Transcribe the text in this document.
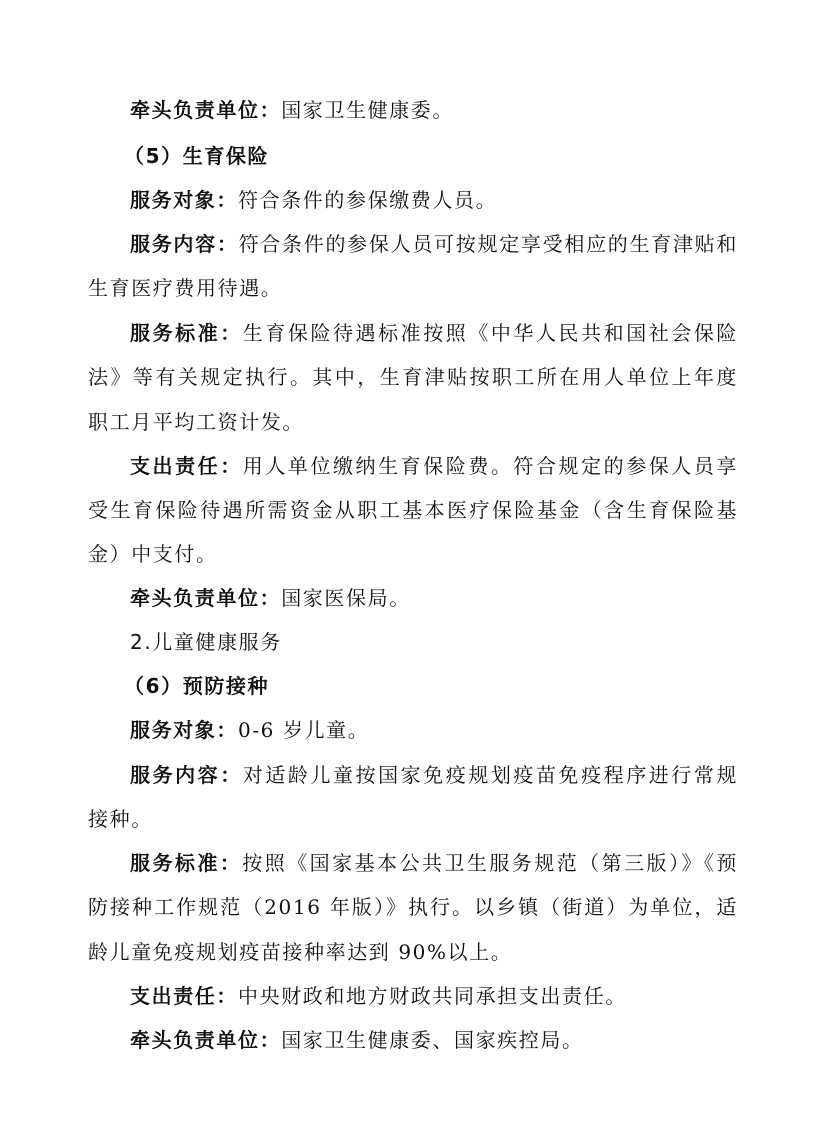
牵头负责单位：国家卫生健康委。
（5）生育保险
服务对象：符合条件的参保缴费人员。
服务内容：符合条件的参保人员可按规定享受相应的生育津贴和
生育医疗费用待遇。
服务标准：生育保险待遇标准按照《中华人民共和国社会保险
法》等有关规定执行。其中，生育津贴按职工所在用人单位上年度
职工月平均工资计发。
支出责任：用人单位缴纳生育保险费。符合规定的参保人员享
受生育保险待遇所需资金从职工基本医疗保险基金（含生育保险基
金）中支付。
牵头负责单位：国家医保局。
2.儿童健康服务
（6）预防接种
服务对象：0-6 岁儿童。
服务内容：对适龄儿童按国家免疫规划疫苗免疫程序进行常规
接种。
服务标准：按照《国家基本公共卫生服务规范（第三版）》《预
防接种工作规范（2016 年版）》执行。以乡镇（街道）为单位，适
龄儿童免疫规划疫苗接种率达到 90%以上。
支出责任：中央财政和地方财政共同承担支出责任。
牵头负责单位：国家卫生健康委、国家疾控局。
